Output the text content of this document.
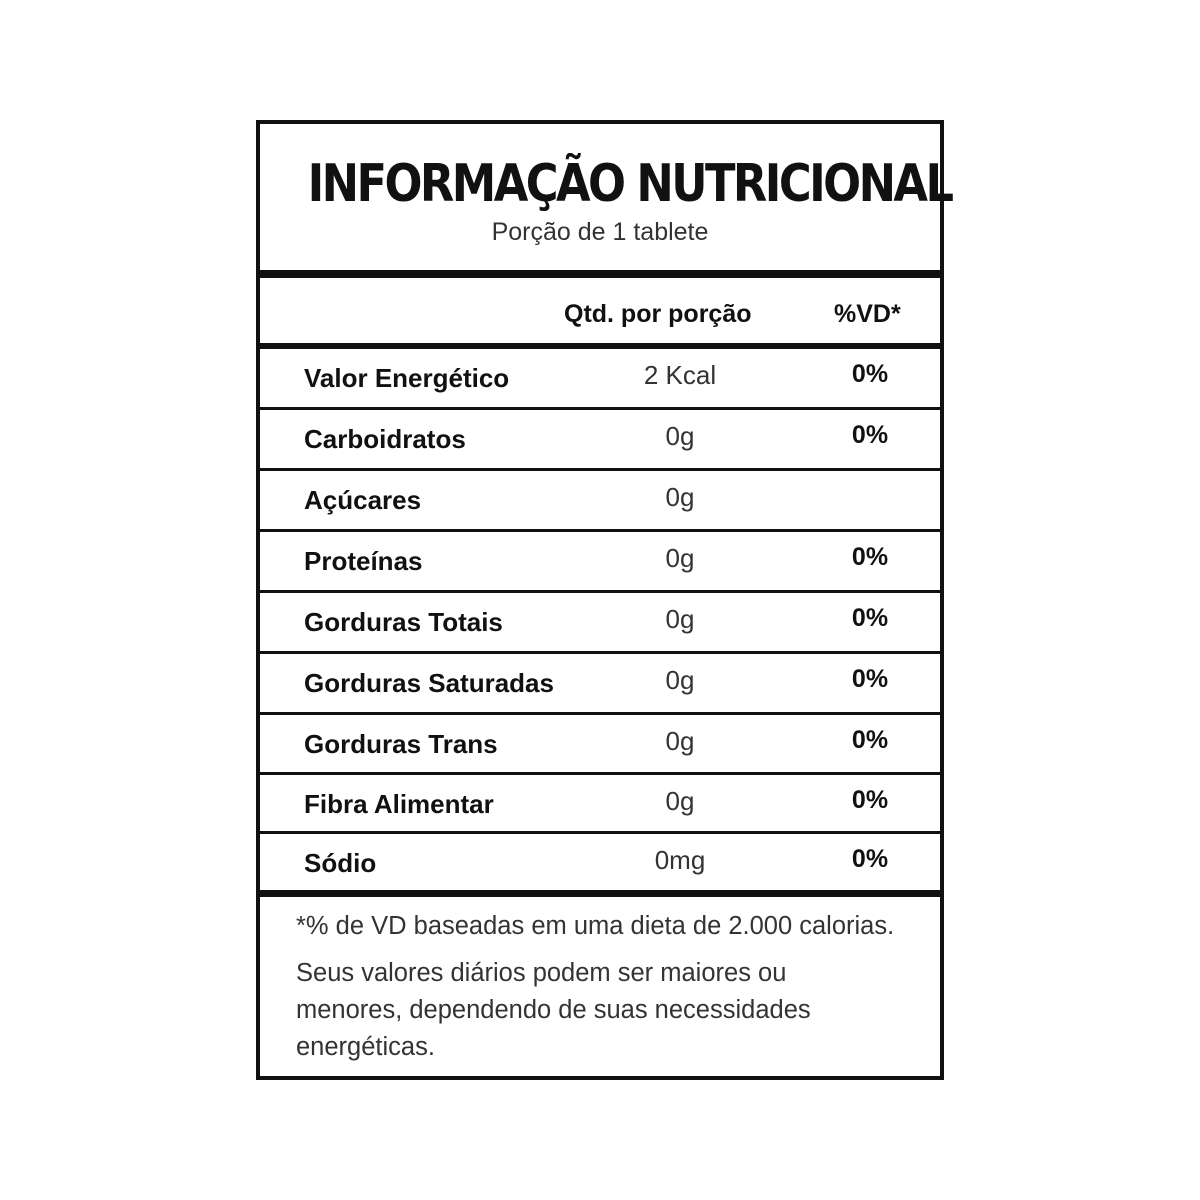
INFORMAÇÃO NUTRICIONAL
Porção de 1 tablete
Qtd. por porção	%VD*
Valor Energético	2 Kcal	0%
Carboidratos	0g	0%
Açúcares	0g
Proteínas	0g	0%
Gorduras Totais	0g	0%
Gorduras Saturadas	0g	0%
Gorduras Trans	0g	0%
Fibra Alimentar	0g	0%
Sódio	0mg	0%
*% de VD baseadas em uma dieta de 2.000 calorias.
Seus valores diários podem ser maiores ou menores, dependendo de suas necessidades energéticas.
